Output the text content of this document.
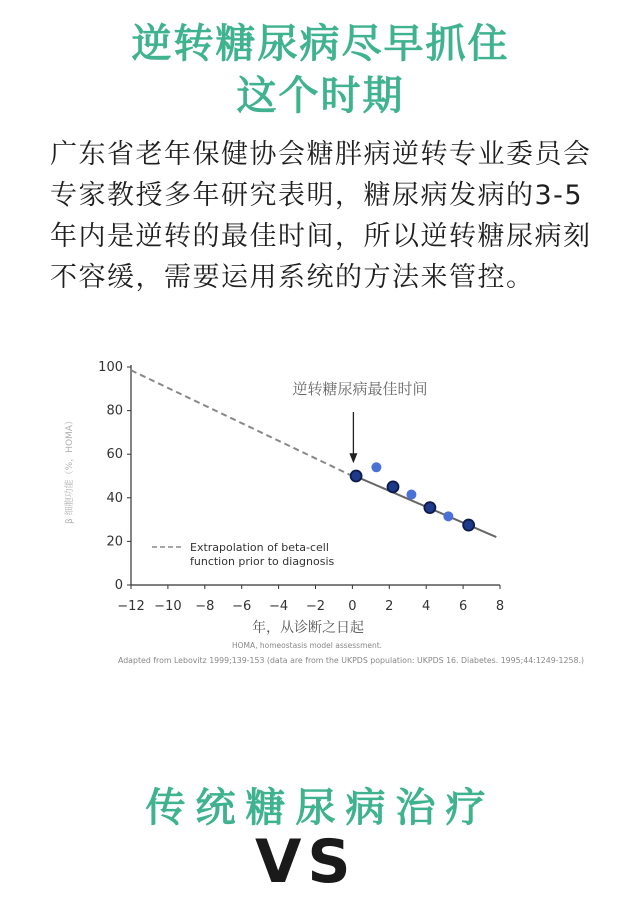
逆转糖尿病尽早抓住
这个时期
广东省老年保健协会糖胖病逆转专业委员会专家教授多年研究表明，糖尿病发病的3-5年内是逆转的最佳时间，所以逆转糖尿病刻不容缓，需要运用系统的方法来管控。
0
20
40
60
80
100
−12 −10 −8 −6 −4 −2 0 2 4 6 8
β 细胞功能（%，HOMA）
年，从诊断之日起
逆转糖尿病最佳时间
Extrapolation of beta-cell
function prior to diagnosis
HOMA, homeostasis model assessment.
Adapted from Lebovitz 1999;139-153 (data are from the UKPDS population: UKPDS 16. Diabetes. 1995;44:1249-1258.)
传统糖尿病治疗
VS
